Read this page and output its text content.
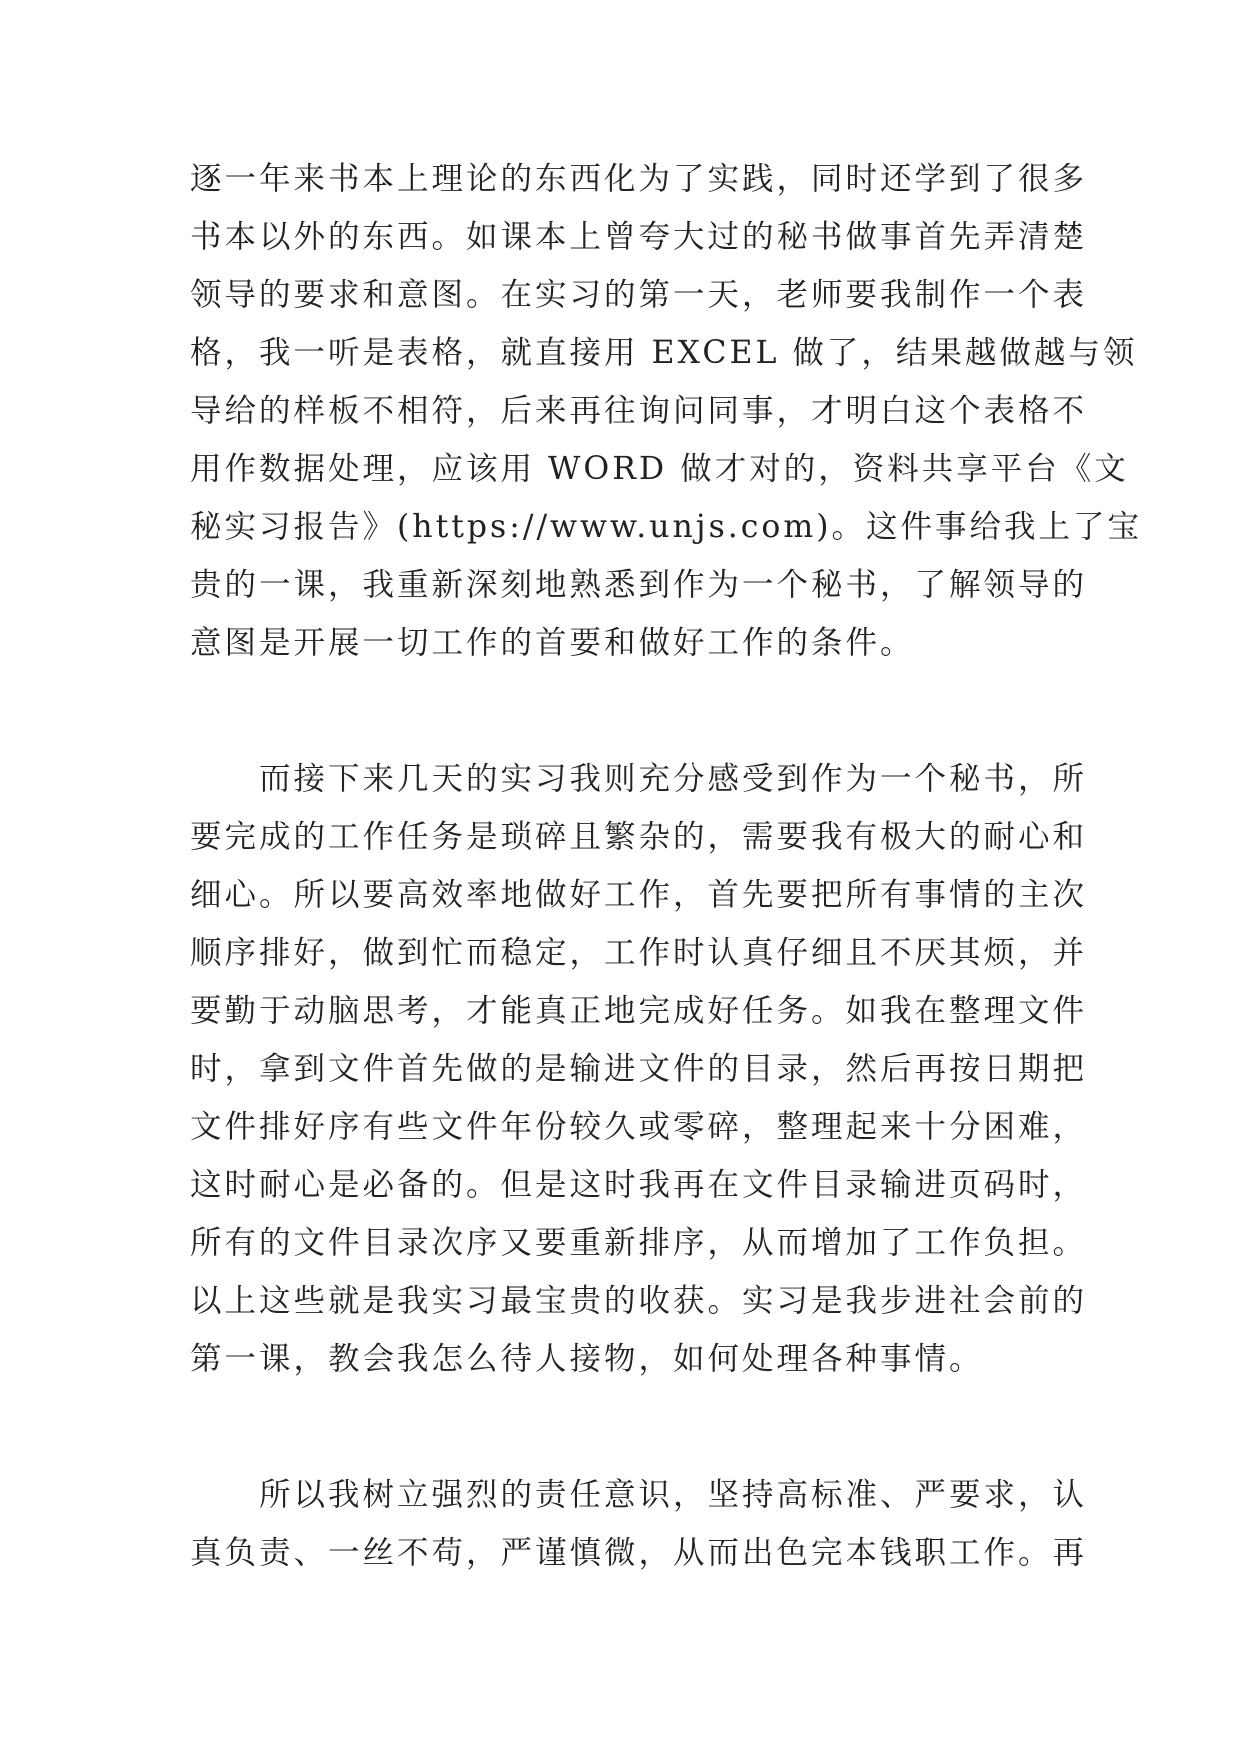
逐一年来书本上理论的东西化为了实践，同时还学到了很多
书本以外的东西。如课本上曾夸大过的秘书做事首先弄清楚
领导的要求和意图。在实习的第一天，老师要我制作一个表
格，我一听是表格，就直接用 EXCEL 做了，结果越做越与领
导给的样板不相符，后来再往询问同事，才明白这个表格不
用作数据处理，应该用 WORD 做才对的，资料共享平台《文
秘实习报告》(https://www.unjs.com)。这件事给我上了宝
贵的一课，我重新深刻地熟悉到作为一个秘书，了解领导的
意图是开展一切工作的首要和做好工作的条件。
　　而接下来几天的实习我则充分感受到作为一个秘书，所
要完成的工作任务是琐碎且繁杂的，需要我有极大的耐心和
细心。所以要高效率地做好工作，首先要把所有事情的主次
顺序排好，做到忙而稳定，工作时认真仔细且不厌其烦，并
要勤于动脑思考，才能真正地完成好任务。如我在整理文件
时，拿到文件首先做的是输进文件的目录，然后再按日期把
文件排好序有些文件年份较久或零碎，整理起来十分困难，
这时耐心是必备的。但是这时我再在文件目录输进页码时，
所有的文件目录次序又要重新排序，从而增加了工作负担。
以上这些就是我实习最宝贵的收获。实习是我步进社会前的
第一课，教会我怎么待人接物，如何处理各种事情。
　　所以我树立强烈的责任意识，坚持高标准、严要求，认
真负责、一丝不苟，严谨慎微，从而出色完本钱职工作。再
